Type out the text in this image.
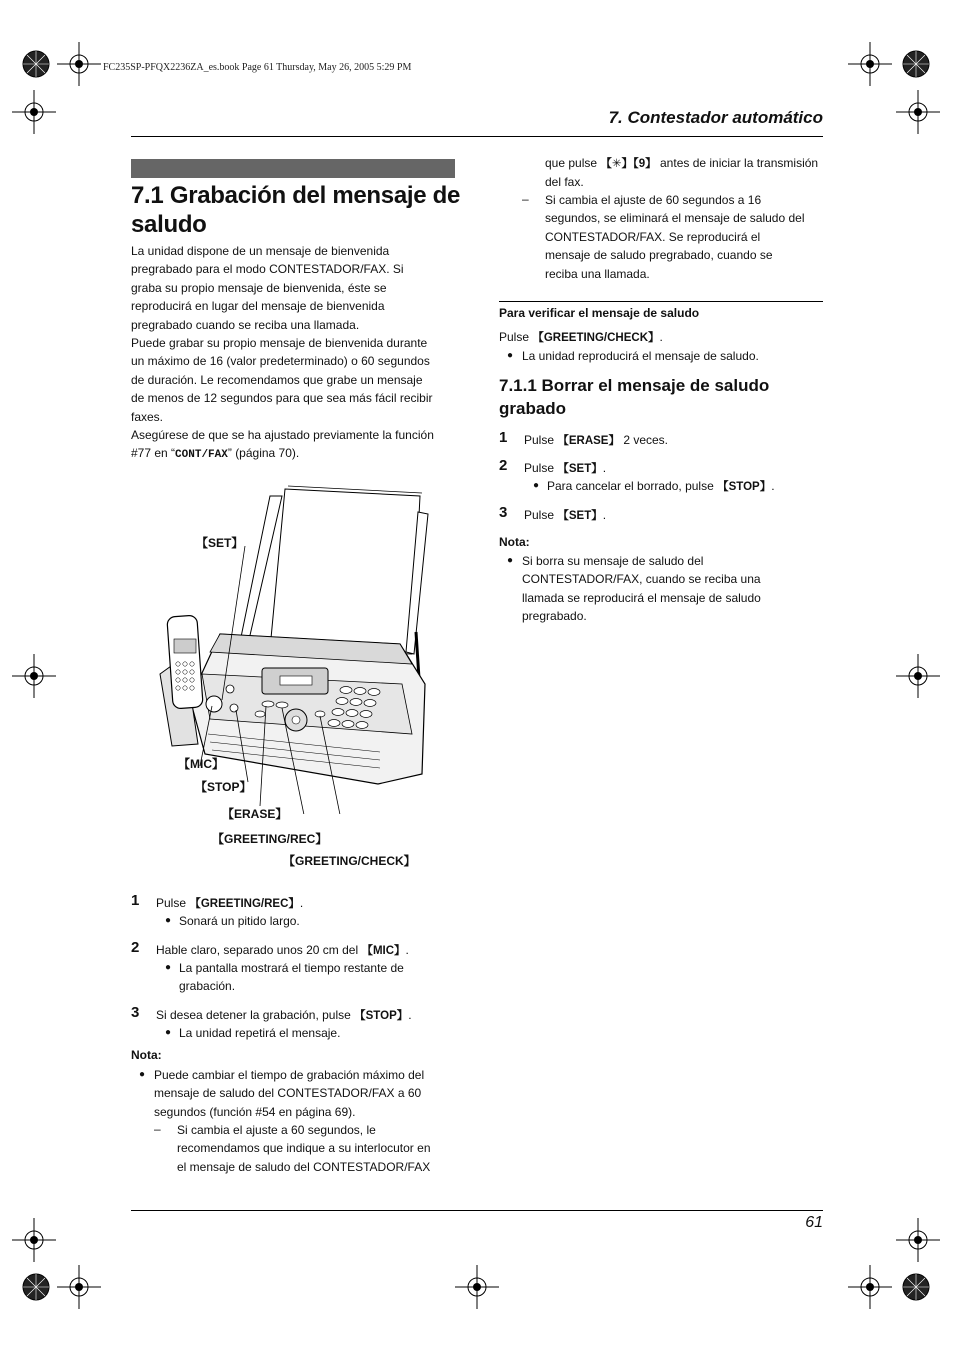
FC235SP-PFQX2236ZA_es.book Page 61 Thursday, May 26, 2005 5:29 PM
7. Contestador automático
7.1 Grabación del mensaje de
saludo
La unidad dispone de un mensaje de bienvenida
pregrabado para el modo CONTESTADOR/FAX. Si
graba su propio mensaje de bienvenida, éste se
reproducirá en lugar del mensaje de bienvenida
pregrabado cuando se reciba una llamada.
Puede grabar su propio mensaje de bienvenida durante
un máximo de 16 (valor predeterminado) o 60 segundos
de duración. Le recomendamos que grabe un mensaje
de menos de 12 segundos para que sea más fácil recibir
faxes.
Asegúrese de que se ha ajustado previamente la función
#77 en “CONT/FAX” (página 70).
【SET】
【MIC】
【STOP】
【ERASE】
【GREETING/REC】
【GREETING/CHECK】
1 Pulse 【GREETING/REC】.
● Sonará un pitido largo.
2 Hable claro, separado unos 20 cm del 【MIC】.
● La pantalla mostrará el tiempo restante de
grabación.
3 Si desea detener la grabación, pulse 【STOP】.
● La unidad repetirá el mensaje.
Nota:
● Puede cambiar el tiempo de grabación máximo del
mensaje de saludo del CONTESTADOR/FAX a 60
segundos (función #54 en página 69).
– Si cambia el ajuste a 60 segundos, le
recomendamos que indique a su interlocutor en
el mensaje de saludo del CONTESTADOR/FAX
que pulse 【✳】【9】 antes de iniciar la transmisión
del fax.
– Si cambia el ajuste de 60 segundos a 16
segundos, se eliminará el mensaje de saludo del
CONTESTADOR/FAX. Se reproducirá el
mensaje de saludo pregrabado, cuando se
reciba una llamada.
Para verificar el mensaje de saludo
Pulse 【GREETING/CHECK】.
● La unidad reproducirá el mensaje de saludo.
7.1.1 Borrar el mensaje de saludo
grabado
1 Pulse 【ERASE】 2 veces.
2 Pulse 【SET】.
● Para cancelar el borrado, pulse 【STOP】.
3 Pulse 【SET】.
Nota:
● Si borra su mensaje de saludo del
CONTESTADOR/FAX, cuando se reciba una
llamada se reproducirá el mensaje de saludo
pregrabado.
61
